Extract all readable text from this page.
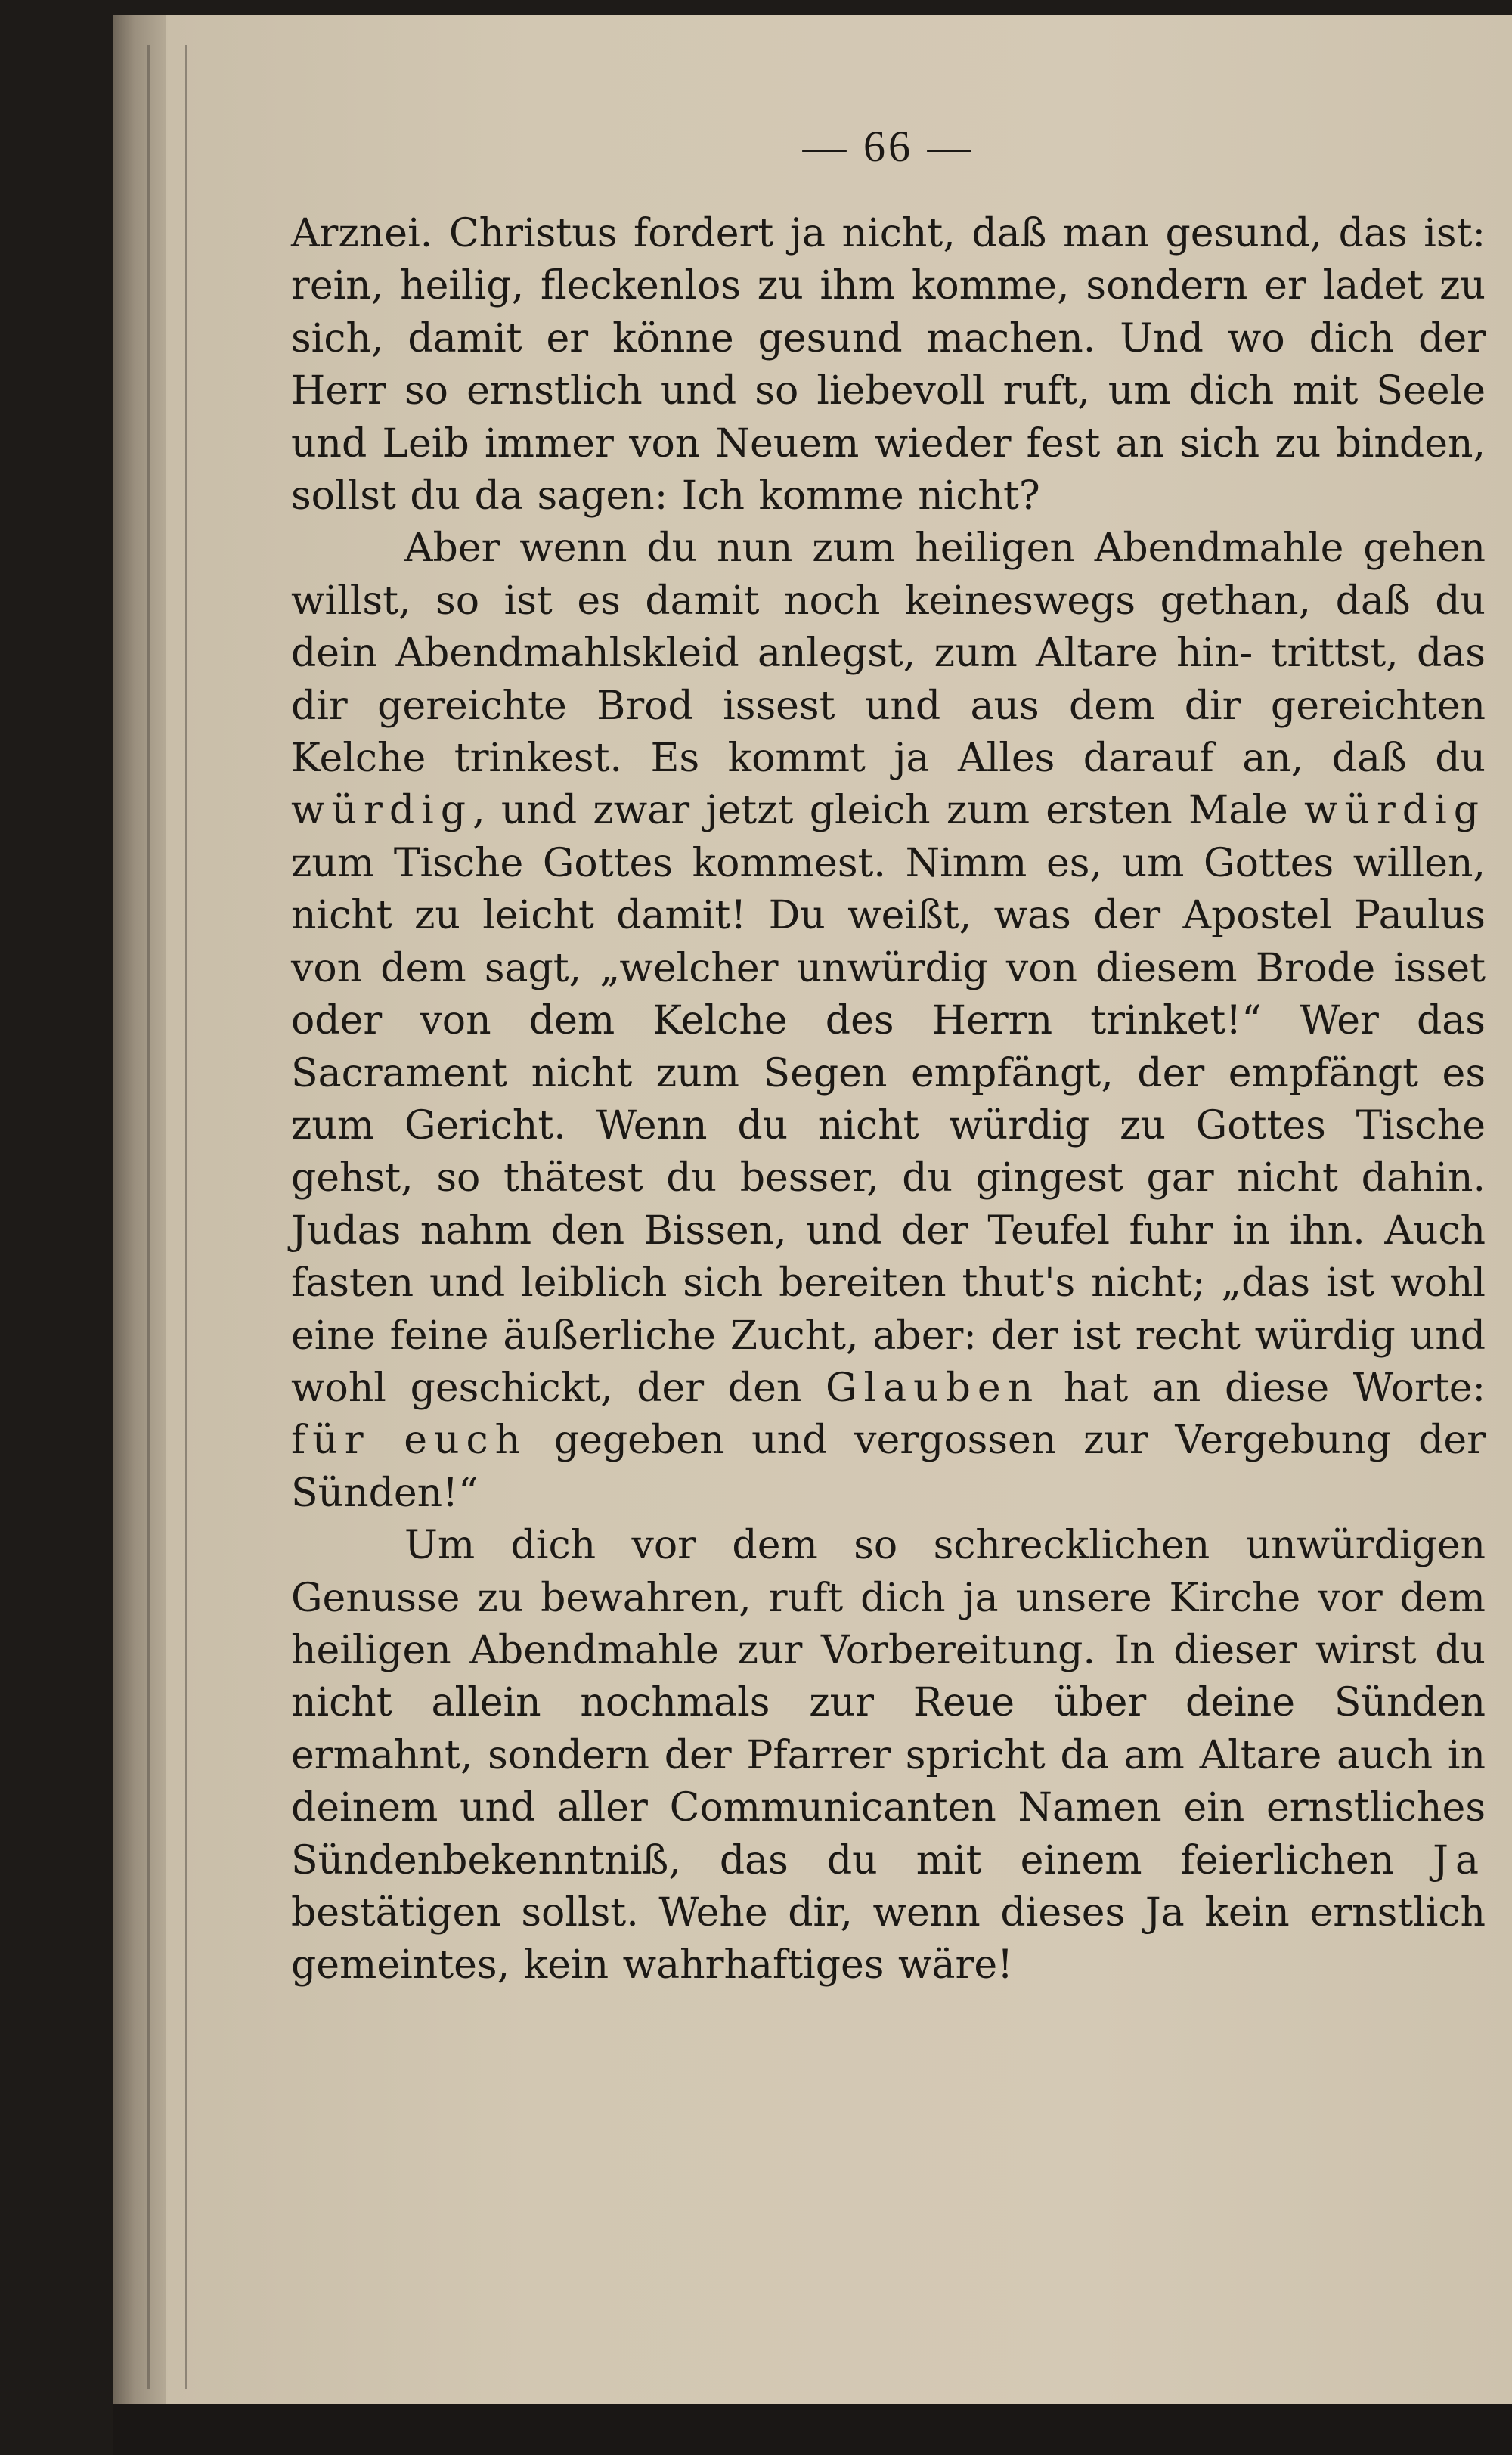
— 66 —

Arznei. Christus fordert ja nicht, daß man gesund, das ist: rein, heilig, fleckenlos zu ihm komme, sondern er ladet zu sich, damit er könne gesund machen. Und wo dich der Herr so ernstlich und so liebevoll ruft, um dich mit Seele und Leib immer von Neuem wieder fest an sich zu binden, sollst du da sagen: Ich komme nicht?

Aber wenn du nun zum heiligen Abendmahle gehen willst, so ist es damit noch keineswegs gethan, daß du dein Abendmahlskleid anlegst, zum Altare hin- trittst, das dir gereichte Brod issest und aus dem dir gereichten Kelche trinkest. Es kommt ja Alles darauf an, daß du würdig, und zwar jetzt gleich zum ersten Male würdig zum Tische Gottes kommest. Nimm es, um Gottes willen, nicht zu leicht damit! Du weißt, was der Apostel Paulus von dem sagt, „welcher unwürdig von diesem Brode isset oder von dem Kelche des Herrn trinket!“ Wer das Sacrament nicht zum Segen empfängt, der empfängt es zum Gericht. Wenn du nicht würdig zu Gottes Tische gehst, so thätest du besser, du gingest gar nicht dahin. Judas nahm den Bissen, und der Teufel fuhr in ihn. Auch fasten und leiblich sich bereiten thut's nicht; „das ist wohl eine feine äußerliche Zucht, aber: der ist recht würdig und wohl geschickt, der den Glauben hat an diese Worte: für euch gegeben und vergossen zur Vergebung der Sünden!“

Um dich vor dem so schrecklichen unwürdigen Genusse zu bewahren, ruft dich ja unsere Kirche vor dem heiligen Abendmahle zur Vorbereitung. In dieser wirst du nicht allein nochmals zur Reue über deine Sünden ermahnt, sondern der Pfarrer spricht da am Altare auch in deinem und aller Communicanten Namen ein ernstliches Sündenbekenntniß, das du mit einem feierlichen Ja bestätigen sollst. Wehe dir, wenn dieses Ja kein ernstlich gemeintes, kein wahrhaftiges wäre!
